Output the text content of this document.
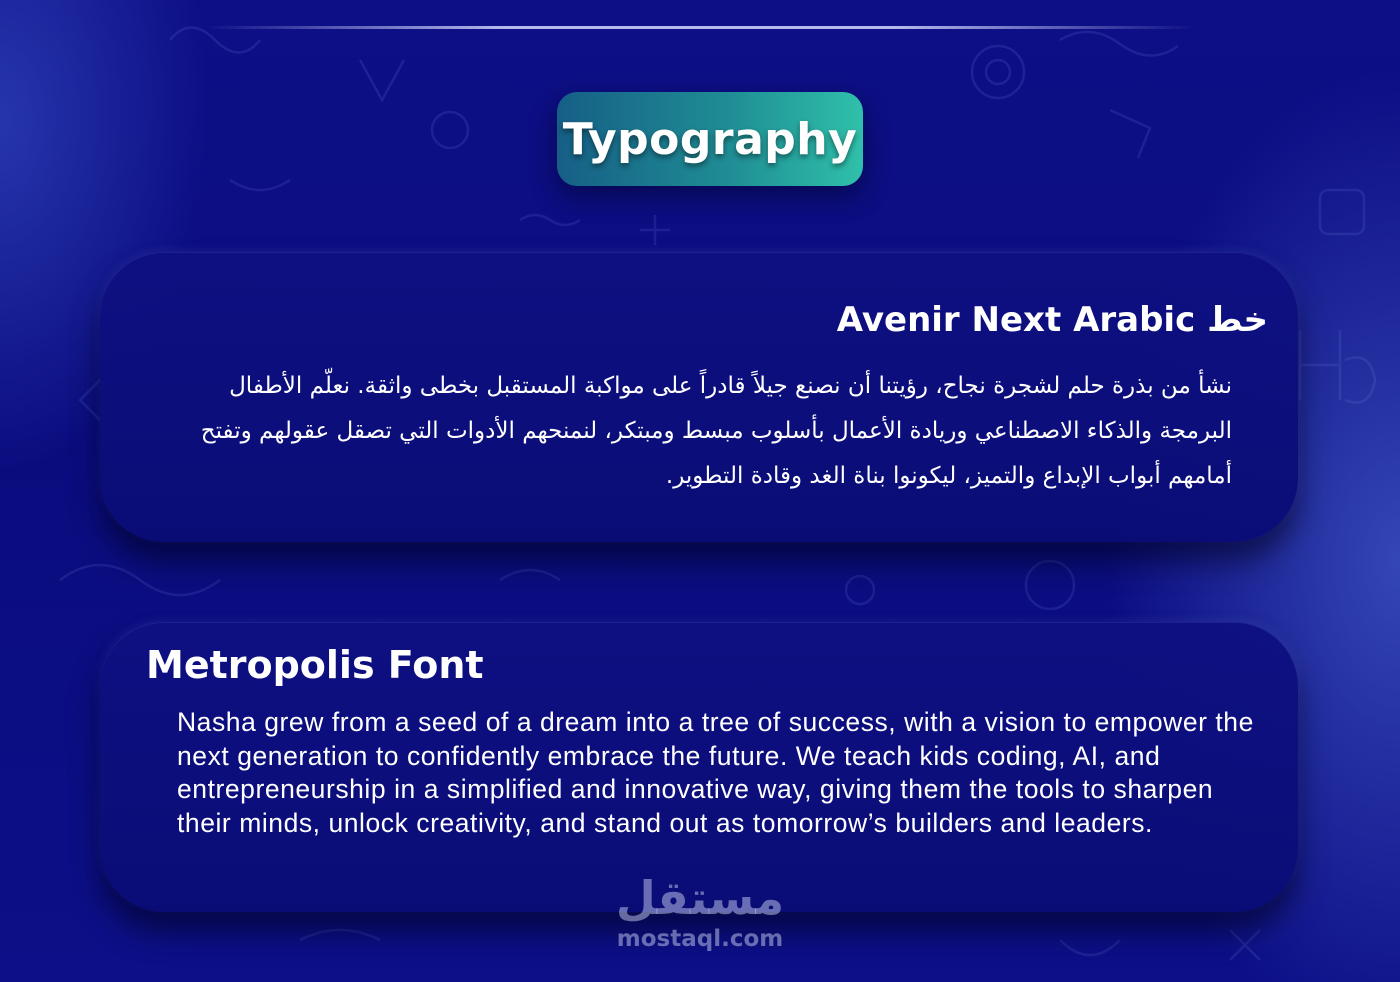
Typography
خط Avenir Next Arabic

نشأ من بذرة حلم لشجرة نجاح، رؤيتنا أن نصنع جيلاً قادراً على مواكبة المستقبل بخطى واثقة. نعلّم الأطفال البرمجة والذكاء الاصطناعي وريادة الأعمال بأسلوب مبسط ومبتكر، لنمنحهم الأدوات التي تصقل عقولهم وتفتح أمامهم أبواب الإبداع والتميز، ليكونوا بناة الغد وقادة التطوير.

Metropolis Font

Nasha grew from a seed of a dream into a tree of success, with a vision to empower the next generation to confidently embrace the future. We teach kids coding, AI, and entrepreneurship in a simplified and innovative way, giving them the tools to sharpen their minds, unlock creativity, and stand out as tomorrow’s builders and leaders.

مستقل
mostaql.com
